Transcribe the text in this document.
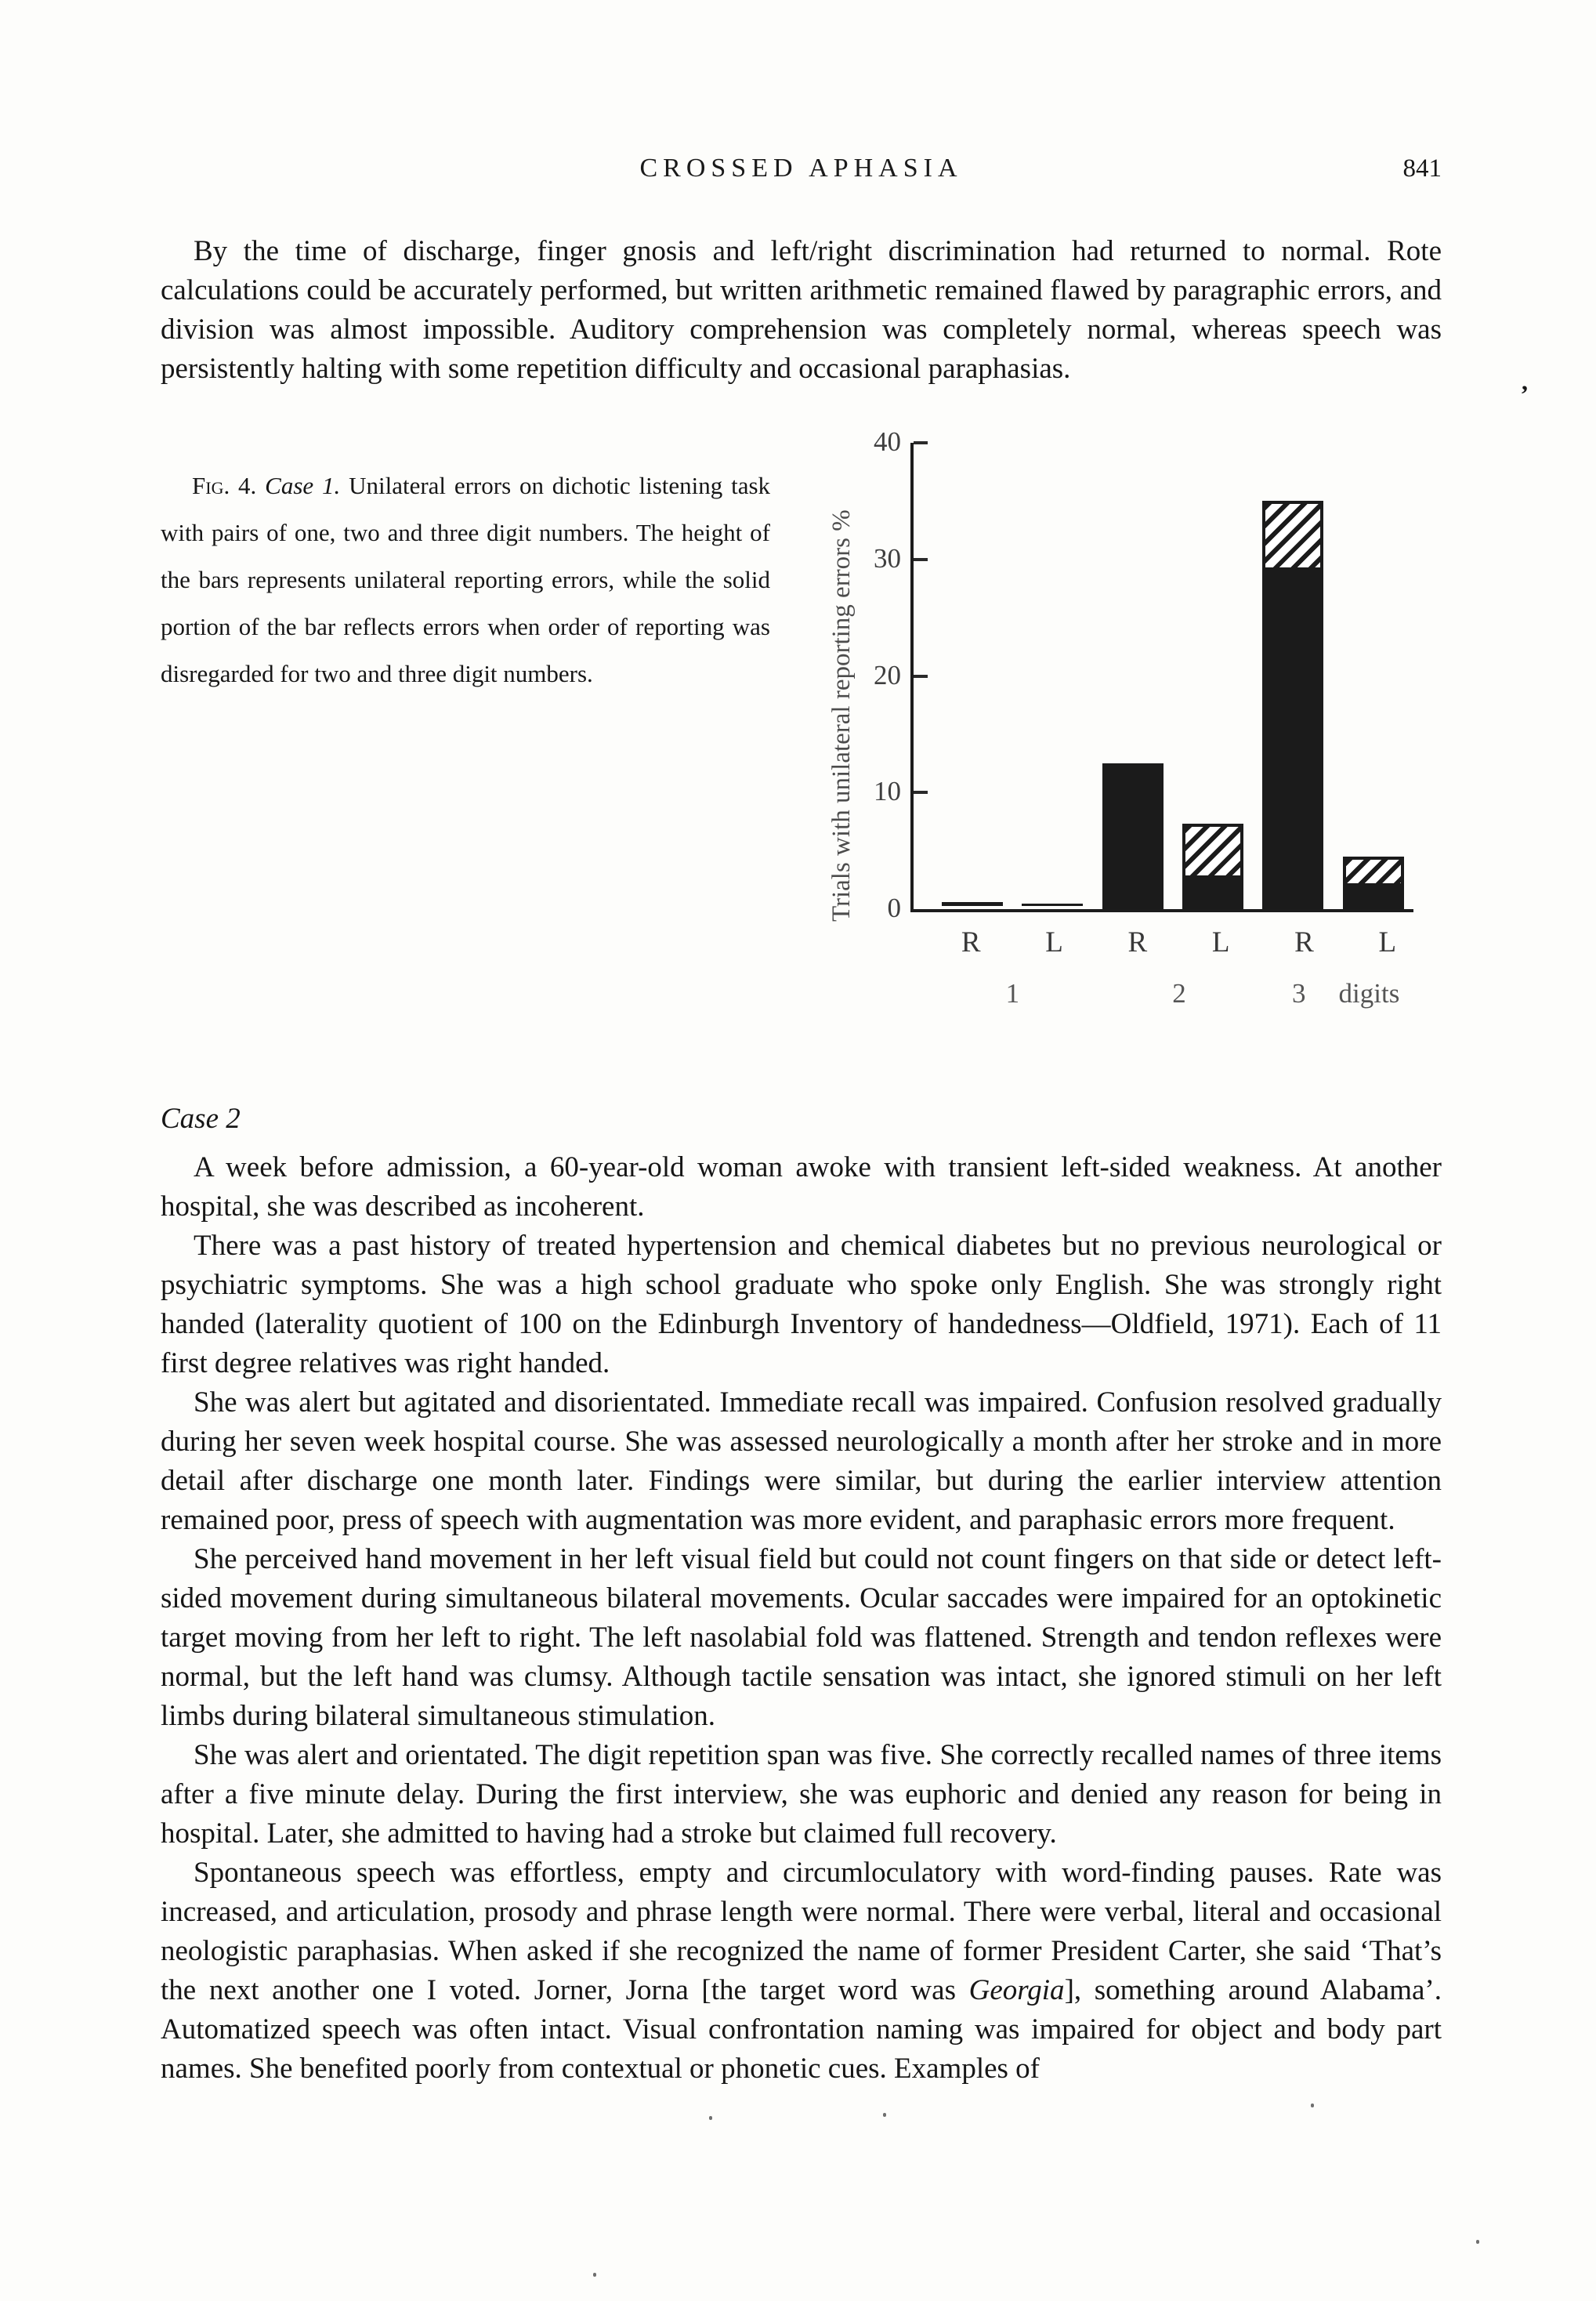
CROSSED APHASIA	841

By the time of discharge, finger gnosis and left/right discrimination had returned to normal. Rote calculations could be accurately performed, but written arithmetic remained flawed by paragraphic errors, and division was almost impossible. Auditory comprehension was completely normal, whereas speech was persistently halting with some repetition difficulty and occasional paraphasias.

Fig. 4. Case 1. Unilateral errors on dichotic listening task with pairs of one, two and three digit numbers. The height of the bars represents unilateral reporting errors, while the solid portion of the bar reflects errors when order of reporting was disregarded for two and three digit numbers.	Trials with unilateral reporting errors % 0
10
20
30
40
R	L	R	L	R	L
1	2	3 digits
Case 2

A week before admission, a 60-year-old woman awoke with transient left-sided weakness. At another hospital, she was described as incoherent.

There was a past history of treated hypertension and chemical diabetes but no previous neurological or psychiatric symptoms. She was a high school graduate who spoke only English. She was strongly right handed (laterality quotient of 100 on the Edinburgh Inventory of handedness—Oldfield, 1971). Each of 11 first degree relatives was right handed.

She was alert but agitated and disorientated. Immediate recall was impaired. Confusion resolved gradually during her seven week hospital course. She was assessed neurologically a month after her stroke and in more detail after discharge one month later. Findings were similar, but during the earlier interview attention remained poor, press of speech with augmentation was more evident, and paraphasic errors more frequent.

She perceived hand movement in her left visual field but could not count fingers on that side or detect left-sided movement during simultaneous bilateral movements. Ocular saccades were impaired for an optokinetic target moving from her left to right. The left nasolabial fold was flattened. Strength and tendon reflexes were normal, but the left hand was clumsy. Although tactile sensation was intact, she ignored stimuli on her left limbs during bilateral simultaneous stimulation.

She was alert and orientated. The digit repetition span was five. She correctly recalled names of three items after a five minute delay. During the first interview, she was euphoric and denied any reason for being in hospital. Later, she admitted to having had a stroke but claimed full recovery.

Spontaneous speech was effortless, empty and circumloculatory with word-finding pauses. Rate was increased, and articulation, prosody and phrase length were normal. There were verbal, literal and occasional neologistic paraphasias. When asked if she recognized the name of former President Carter, she said ‘That’s the next another one I voted. Jorner, Jorna [the target word was Georgia], something around Alabama’. Automatized speech was often intact. Visual confrontation naming was impaired for object and body part names. She benefited poorly from contextual or phonetic cues. Examples of

,
